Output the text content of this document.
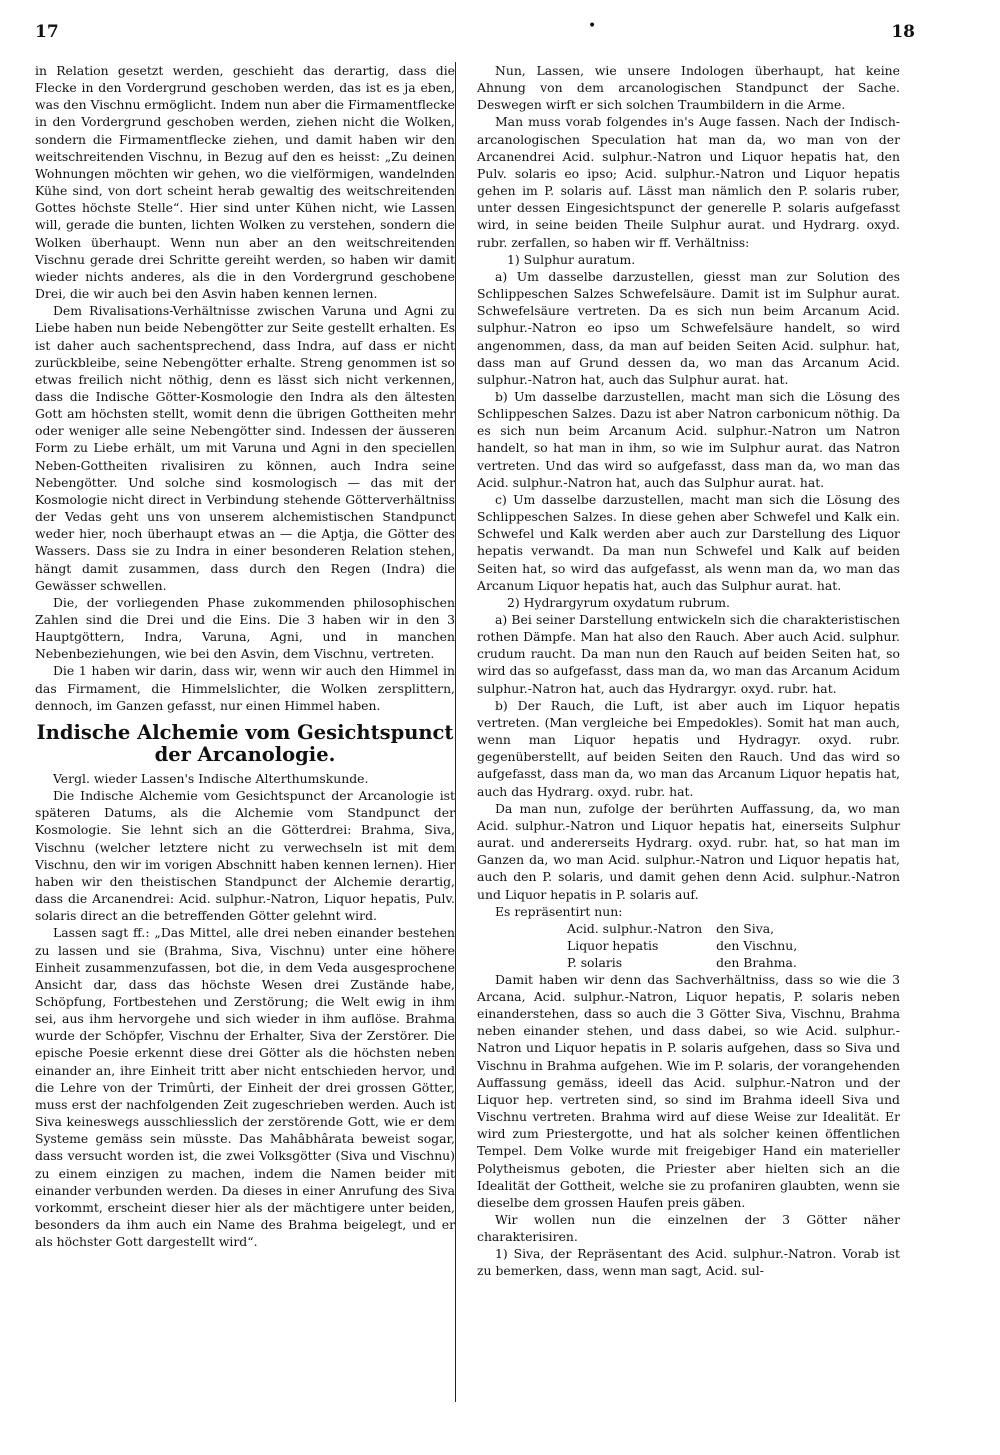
17	•	18

in Relation gesetzt werden, geschieht das derartig, dass die Flecke in den Vordergrund geschoben werden, das ist es ja eben, was den Vischnu ermöglicht. Indem nun aber die Firmamentflecke in den Vordergrund geschoben werden, ziehen nicht die Wolken, sondern die Firmamentflecke ziehen, und damit haben wir den weitschreitenden Vischnu, in Bezug auf den es heisst: „Zu deinen Wohnungen möchten wir gehen, wo die vielförmigen, wandelnden Kühe sind, von dort scheint herab gewaltig des weitschreitenden Gottes höchste Stelle“. Hier sind unter Kühen nicht, wie Lassen will, gerade die bunten, lichten Wolken zu verstehen, sondern die Wolken überhaupt. Wenn nun aber an den weitschreitenden Vischnu gerade drei Schritte gereiht werden, so haben wir damit wieder nichts anderes, als die in den Vordergrund geschobene Drei, die wir auch bei den Asvin haben kennen lernen.

Dem Rivalisations-Verhältnisse zwischen Varuna und Agni zu Liebe haben nun beide Nebengötter zur Seite gestellt erhalten. Es ist daher auch sachentsprechend, dass Indra, auf dass er nicht zurückbleibe, seine Nebengötter erhalte. Streng genommen ist so etwas freilich nicht nöthig, denn es lässt sich nicht verkennen, dass die Indische Götter-Kosmologie den Indra als den ältesten Gott am höchsten stellt, womit denn die übrigen Gottheiten mehr oder weniger alle seine Nebengötter sind. Indessen der äusseren Form zu Liebe erhält, um mit Varuna und Agni in den speciellen Neben-Gottheiten rivalisiren zu können, auch Indra seine Nebengötter. Und solche sind kosmologisch — das mit der Kosmologie nicht direct in Verbindung stehende Götterverhältniss der Vedas geht uns von unserem alchemistischen Standpunct weder hier, noch überhaupt etwas an — die Aptja, die Götter des Wassers. Dass sie zu Indra in einer besonderen Relation stehen, hängt damit zusammen, dass durch den Regen (Indra) die Gewässer schwellen.

Die, der vorliegenden Phase zukommenden philosophischen Zahlen sind die Drei und die Eins. Die 3 haben wir in den 3 Hauptgöttern, Indra, Varuna, Agni, und in manchen Nebenbeziehungen, wie bei den Asvin, dem Vischnu, vertreten.

Die 1 haben wir darin, dass wir, wenn wir auch den Himmel in das Firmament, die Himmelslichter, die Wolken zersplittern, dennoch, im Ganzen gefasst, nur einen Himmel haben.

Indische Alchemie vom Gesichtspunct der Arcanologie.

Vergl. wieder Lassen's Indische Alterthumskunde.

Die Indische Alchemie vom Gesichtspunct der Arcanologie ist späteren Datums, als die Alchemie vom Standpunct der Kosmologie. Sie lehnt sich an die Götterdrei: Brahma, Siva, Vischnu (welcher letztere nicht zu verwechseln ist mit dem Vischnu, den wir im vorigen Abschnitt haben kennen lernen). Hier haben wir den theistischen Standpunct der Alchemie derartig, dass die Arcanendrei: Acid. sulphur.-Natron, Liquor hepatis, Pulv. solaris direct an die betreffenden Götter gelehnt wird.

Lassen sagt ff.: „Das Mittel, alle drei neben einander bestehen zu lassen und sie (Brahma, Siva, Vischnu) unter eine höhere Einheit zusammenzufassen, bot die, in dem Veda ausgesprochene Ansicht dar, dass das höchste Wesen drei Zustände habe, Schöpfung, Fortbestehen und Zerstörung; die Welt ewig in ihm sei, aus ihm hervorgehe und sich wieder in ihm auflöse. Brahma wurde der Schöpfer, Vischnu der Erhalter, Siva der Zerstörer. Die epische Poesie erkennt diese drei Götter als die höchsten neben einander an, ihre Einheit tritt aber nicht entschieden hervor, und die Lehre von der Trimûrti, der Einheit der drei grossen Götter, muss erst der nachfolgenden Zeit zugeschrieben werden. Auch ist Siva keineswegs ausschliesslich der zerstörende Gott, wie er dem Systeme gemäss sein müsste. Das Mahâbhârata beweist sogar, dass versucht worden ist, die zwei Volksgötter (Siva und Vischnu) zu einem einzigen zu machen, indem die Namen beider mit einander verbunden werden. Da dieses in einer Anrufung des Siva vorkommt, erscheint dieser hier als der mächtigere unter beiden, besonders da ihm auch ein Name des Brahma beigelegt, und er als höchster Gott dargestellt wird“.

Nun, Lassen, wie unsere Indologen überhaupt, hat keine Ahnung von dem arcanologischen Standpunct der Sache. Deswegen wirft er sich solchen Traumbildern in die Arme.

Man muss vorab folgendes in's Auge fassen. Nach der Indisch-arcanologischen Speculation hat man da, wo man von der Arcanendrei Acid. sulphur.-Natron und Liquor hepatis hat, den Pulv. solaris eo ipso; Acid. sulphur.-Natron und Liquor hepatis gehen im P. solaris auf. Lässt man nämlich den P. solaris ruber, unter dessen Eingesichtspunct der generelle P. solaris aufgefasst wird, in seine beiden Theile Sulphur aurat. und Hydrarg. oxyd. rubr. zerfallen, so haben wir ff. Verhältniss:

1) Sulphur auratum.

a) Um dasselbe darzustellen, giesst man zur Solution des Schlippeschen Salzes Schwefelsäure. Damit ist im Sulphur aurat. Schwefelsäure vertreten. Da es sich nun beim Arcanum Acid. sulphur.-Natron eo ipso um Schwefelsäure handelt, so wird angenommen, dass, da man auf beiden Seiten Acid. sulphur. hat, dass man auf Grund dessen da, wo man das Arcanum Acid. sulphur.-Natron hat, auch das Sulphur aurat. hat.

b) Um dasselbe darzustellen, macht man sich die Lösung des Schlippeschen Salzes. Dazu ist aber Natron carbonicum nöthig. Da es sich nun beim Arcanum Acid. sulphur.-Natron um Natron handelt, so hat man in ihm, so wie im Sulphur aurat. das Natron vertreten. Und das wird so aufgefasst, dass man da, wo man das Acid. sulphur.-Natron hat, auch das Sulphur aurat. hat.

c) Um dasselbe darzustellen, macht man sich die Lösung des Schlippeschen Salzes. In diese gehen aber Schwefel und Kalk ein. Schwefel und Kalk werden aber auch zur Darstellung des Liquor hepatis verwandt. Da man nun Schwefel und Kalk auf beiden Seiten hat, so wird das aufgefasst, als wenn man da, wo man das Arcanum Liquor hepatis hat, auch das Sulphur aurat. hat.

2) Hydrargyrum oxydatum rubrum.

a) Bei seiner Darstellung entwickeln sich die charakteristischen rothen Dämpfe. Man hat also den Rauch. Aber auch Acid. sulphur. crudum raucht. Da man nun den Rauch auf beiden Seiten hat, so wird das so aufgefasst, dass man da, wo man das Arcanum Acidum sulphur.-Natron hat, auch das Hydrargyr. oxyd. rubr. hat.

b) Der Rauch, die Luft, ist aber auch im Liquor hepatis vertreten. (Man vergleiche bei Empedokles). Somit hat man auch, wenn man Liquor hepatis und Hydragyr. oxyd. rubr. gegenüberstellt, auf beiden Seiten den Rauch. Und das wird so aufgefasst, dass man da, wo man das Arcanum Liquor hepatis hat, auch das Hydrarg. oxyd. rubr. hat.

Da man nun, zufolge der berührten Auffassung, da, wo man Acid. sulphur.-Natron und Liquor hepatis hat, einerseits Sulphur aurat. und andererseits Hydrarg. oxyd. rubr. hat, so hat man im Ganzen da, wo man Acid. sulphur.-Natron und Liquor hepatis hat, auch den P. solaris, und damit gehen denn Acid. sulphur.-Natron und Liquor hepatis in P. solaris auf.

Es repräsentirt nun:

Acid. sulphur.-Natron	den Siva,
Liquor hepatis	den Vischnu,
P. solaris	den Brahma.

Damit haben wir denn das Sachverhältniss, dass so wie die 3 Arcana, Acid. sulphur.-Natron, Liquor hepatis, P. solaris neben einanderstehen, dass so auch die 3 Götter Siva, Vischnu, Brahma neben einander stehen, und dass dabei, so wie Acid. sulphur.-Natron und Liquor hepatis in P. solaris aufgehen, dass so Siva und Vischnu in Brahma aufgehen. Wie im P. solaris, der vorangehenden Auffassung gemäss, ideell das Acid. sulphur.-Natron und der Liquor hep. vertreten sind, so sind im Brahma ideell Siva und Vischnu vertreten. Brahma wird auf diese Weise zur Idealität. Er wird zum Priestergotte, und hat als solcher keinen öffentlichen Tempel. Dem Volke wurde mit freigebiger Hand ein materieller Polytheismus geboten, die Priester aber hielten sich an die Idealität der Gottheit, welche sie zu profaniren glaubten, wenn sie dieselbe dem grossen Haufen preis gäben.

Wir wollen nun die einzelnen der 3 Götter näher charakterisiren.

1) Siva, der Repräsentant des Acid. sulphur.-Natron. Vorab ist zu bemerken, dass, wenn man sagt, Acid. sul-
